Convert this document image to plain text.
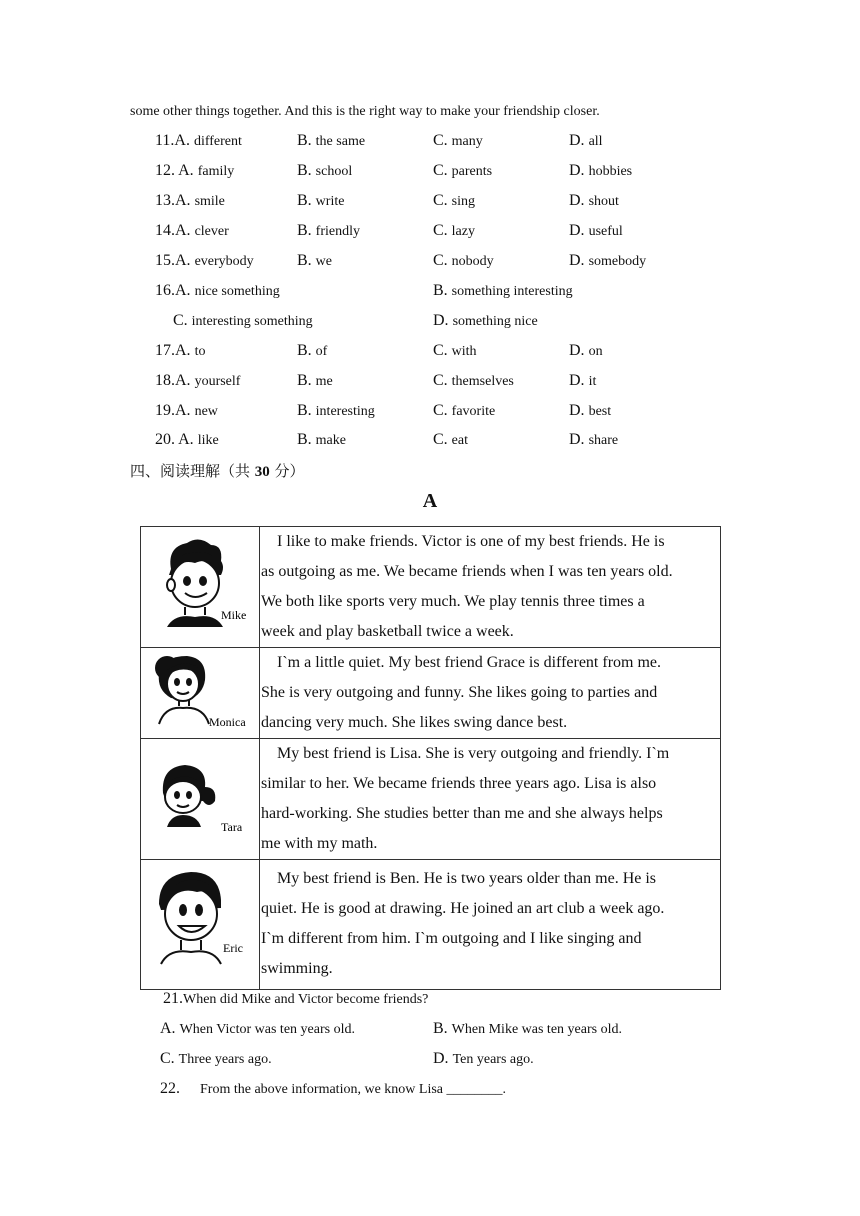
some other things together. And this is the right way to make your friendship closer.
11.A. different	B. the same	C. many	D. all
12. A. family	B. school	C. parents	D. hobbies
13.A. smile	B. write	C. sing	D. shout
14.A. clever	B. friendly	C. lazy	D. useful
15.A. everybody	B. we	C. nobody	D. somebody
16.A. nice something	B. something interesting
C. interesting something	D. something nice
17.A. to	B. of	C. with	D. on
18.A. yourself	B. me	C. themselves	D. it
19.A. new	B. interesting	C. favorite	D. best
20. A. like	B. make	C. eat	D. share
四、阅读理解（共 30 分）
A
Mike	 I like to make friends. Victor is one of my best friends. He is
as outgoing as me. We became friends when I was ten years old.
We both like sports very much. We play tennis three times a
week and play basketball twice a week.

Monica	 Iˋm a little quiet. My best friend Grace is different from me.
She is very outgoing and funny. She likes going to parties and
dancing very much. She likes swing dance best.

Tara	 My best friend is Lisa. She is very outgoing and friendly. Iˋm
similar to her. We became friends three years ago. Lisa is also
hard-working. She studies better than me and she always helps
me with my math.

Eric	 My best friend is Ben. He is two years older than me. He is
quiet. He is good at drawing. He joined an art club a week ago.
Iˋm different from him. Iˋm outgoing and I like singing and
swimming.
21.When did Mike and Victor become friends?
A. When Victor was ten years old.	B. When Mike was ten years old.
C. Three years ago.	D. Ten years ago.
22. From the above information, we know Lisa ________.
